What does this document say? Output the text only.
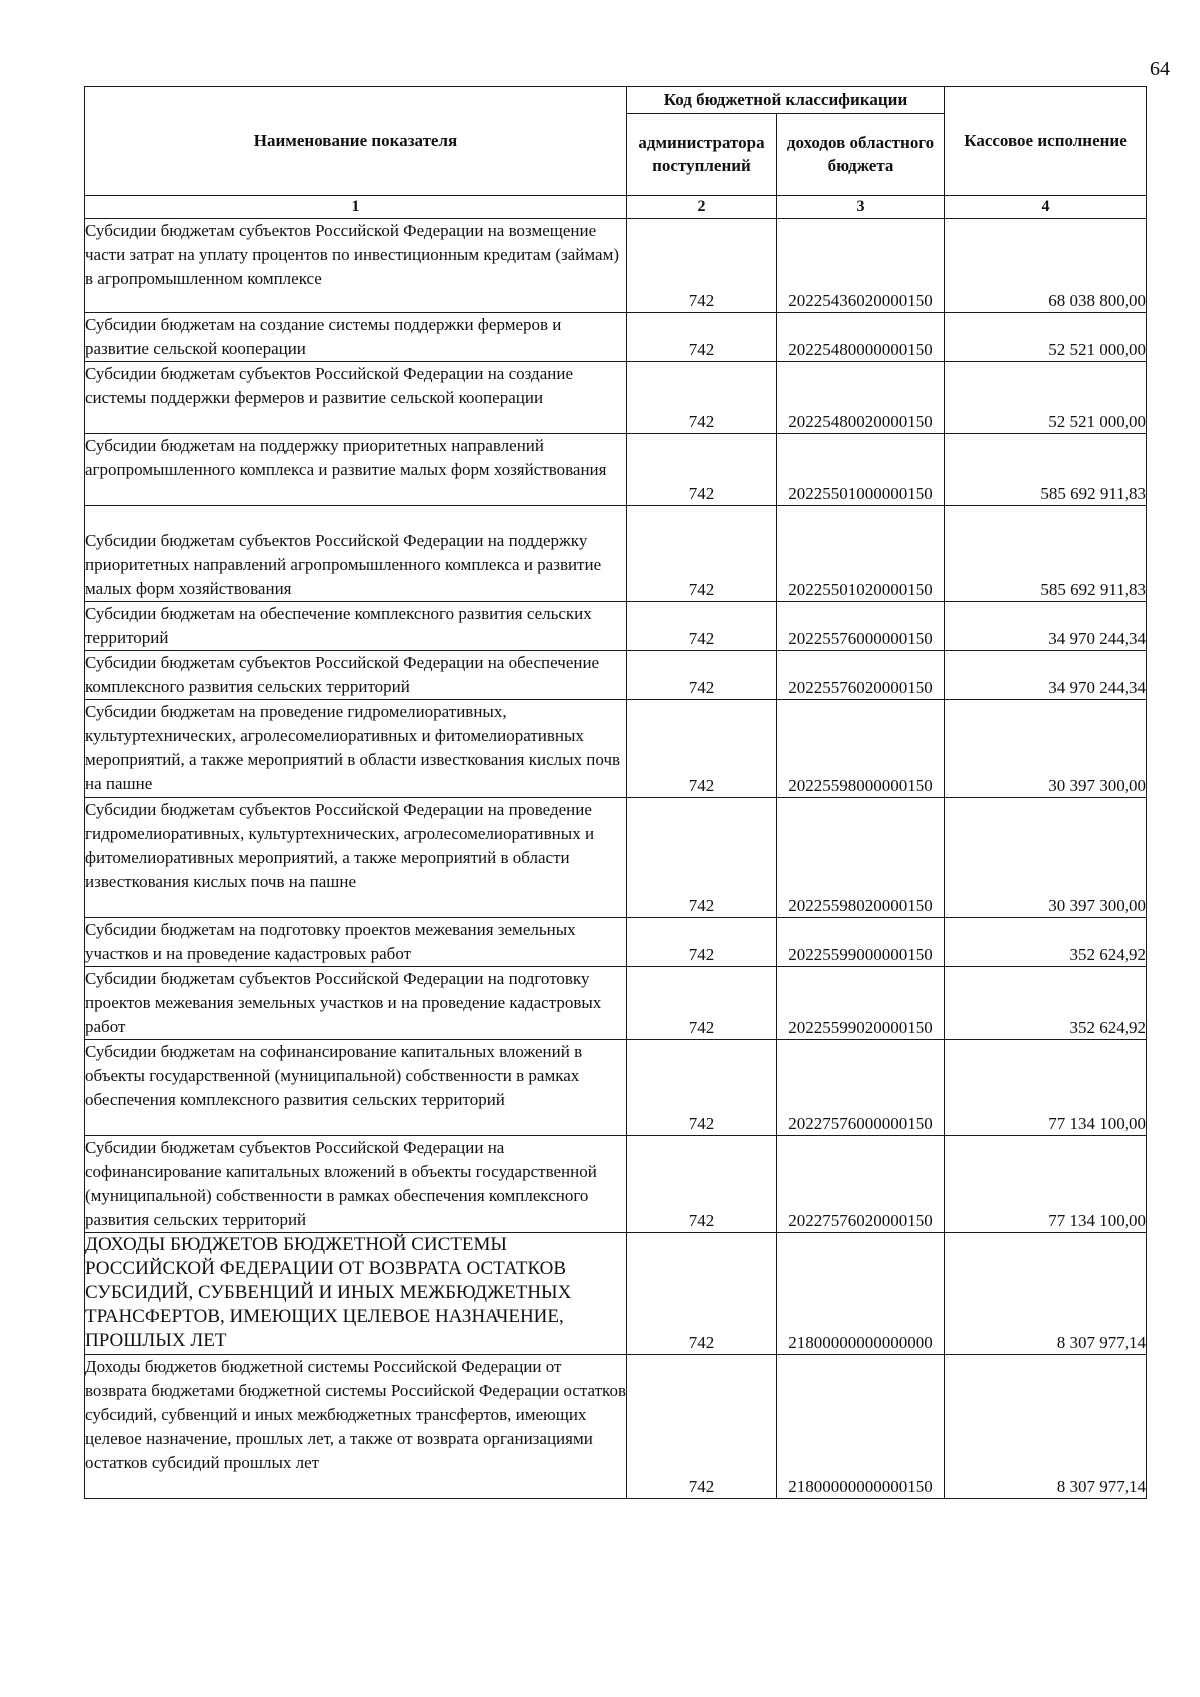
64
Наименование показателя	Код бюджетной классификации		Кассовое исполнение
	администратора поступлений	доходов областного бюджета	
1	2	3	4
Субсидии бюджетам субъектов Российской Федерации на возмещение части затрат на уплату процентов по инвестиционным кредитам (займам) в агропромышленном комплексе	742	20225436020000150	68 038 800,00
Субсидии бюджетам на создание системы поддержки фермеров и развитие сельской кооперации	742	20225480000000150	52 521 000,00
Субсидии бюджетам субъектов Российской Федерации на создание системы поддержки фермеров и развитие сельской кооперации	742	20225480020000150	52 521 000,00
Субсидии бюджетам на поддержку приоритетных направлений агропромышленного комплекса и развитие малых форм хозяйствования	742	20225501000000150	585 692 911,83
Субсидии бюджетам субъектов Российской Федерации на поддержку приоритетных направлений агропромышленного комплекса и развитие малых форм хозяйствования	742	20225501020000150	585 692 911,83
Субсидии бюджетам на обеспечение комплексного развития сельских территорий	742	20225576000000150	34 970 244,34
Субсидии бюджетам субъектов Российской Федерации на обеспечение комплексного развития сельских территорий	742	20225576020000150	34 970 244,34
Субсидии бюджетам на проведение гидромелиоративных, культуртехнических, агролесомелиоративных и фитомелиоративных мероприятий, а также мероприятий в области известкования кислых почв на пашне	742	20225598000000150	30 397 300,00
Субсидии бюджетам субъектов Российской Федерации на проведение гидромелиоративных, культуртехнических, агролесомелиоративных и фитомелиоративных мероприятий, а также мероприятий в области известкования кислых почв на пашне	742	20225598020000150	30 397 300,00
Субсидии бюджетам на подготовку проектов межевания земельных участков и на проведение кадастровых работ	742	20225599000000150	352 624,92
Субсидии бюджетам субъектов Российской Федерации на подготовку проектов межевания земельных участков и на проведение кадастровых работ	742	20225599020000150	352 624,92
Субсидии бюджетам на софинансирование капитальных вложений в объекты государственной (муниципальной) собственности в рамках обеспечения комплексного развития сельских территорий	742	20227576000000150	77 134 100,00
Субсидии бюджетам субъектов Российской Федерации на софинансирование капитальных вложений в объекты государственной (муниципальной) собственности в рамках обеспечения комплексного развития сельских территорий	742	20227576020000150	77 134 100,00
ДОХОДЫ БЮДЖЕТОВ БЮДЖЕТНОЙ СИСТЕМЫ РОССИЙСКОЙ ФЕДЕРАЦИИ ОТ ВОЗВРАТА ОСТАТКОВ СУБСИДИЙ, СУБВЕНЦИЙ И ИНЫХ МЕЖБЮДЖЕТНЫХ ТРАНСФЕРТОВ, ИМЕЮЩИХ ЦЕЛЕВОЕ НАЗНАЧЕНИЕ, ПРОШЛЫХ ЛЕТ	742	21800000000000000	8 307 977,14
Доходы бюджетов бюджетной системы Российской Федерации от возврата бюджетами бюджетной системы Российской Федерации остатков субсидий, субвенций и иных межбюджетных трансфертов, имеющих целевое назначение, прошлых лет, а также от возврата организациями остатков субсидий прошлых лет	742	21800000000000150	8 307 977,14
